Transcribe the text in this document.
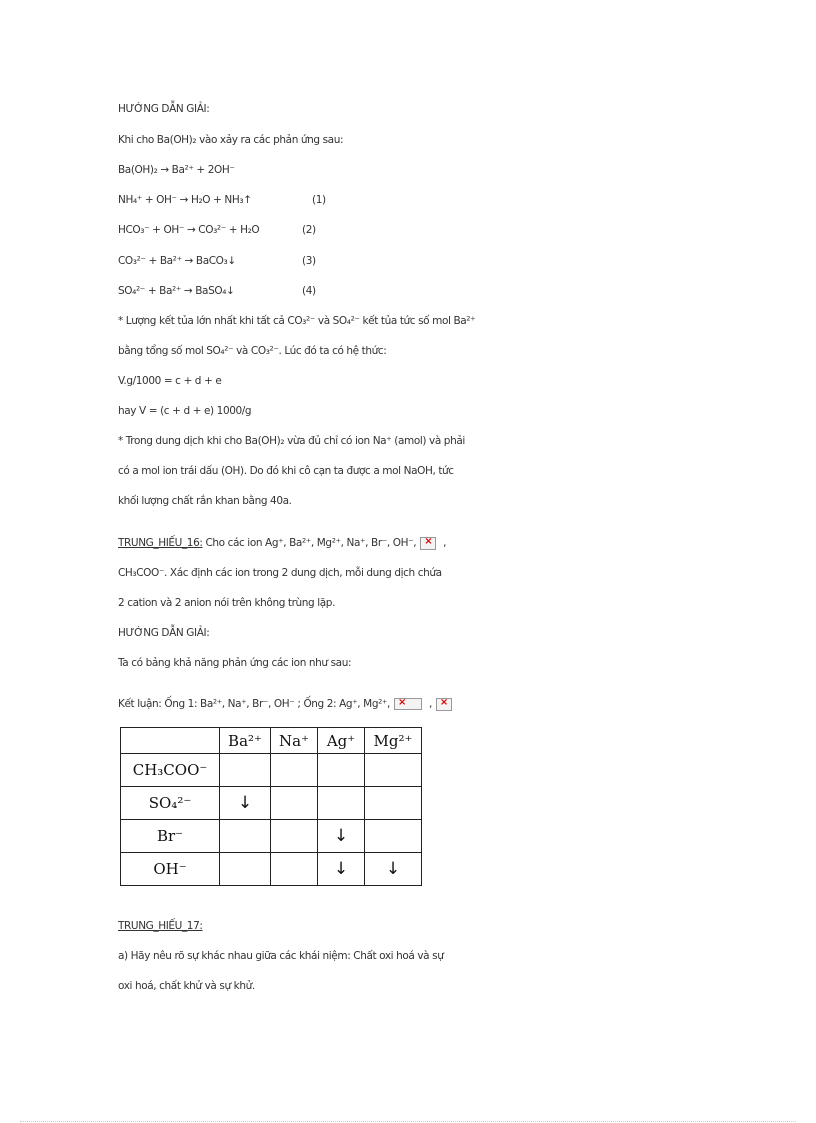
HƯỚNG DẪN GIẢI:
Khi cho Ba(OH)₂ vào xảy ra các phản ứng sau:
Ba(OH)₂ → Ba²⁺ + 2OH⁻
NH₄⁺ + OH⁻ → H₂O + NH₃↑	(1)
HCO₃⁻ + OH⁻ → CO₃²⁻ + H₂O	(2)
CO₃²⁻ + Ba²⁺ → BaCO₃↓	(3)
SO₄²⁻ + Ba²⁺ → BaSO₄↓	(4)
* Lượng kết tủa lớn nhất khi tất cả CO₃²⁻ và SO₄²⁻ kết tủa tức số mol Ba²⁺
bằng tổng số mol SO₄²⁻ và CO₃²⁻. Lúc đó ta có hệ thức:
V.g/1000 = c + d + e
hay V = (c + d + e) 1000/g
* Trong dung dịch khi cho Ba(OH)₂ vừa đủ chỉ có ion Na⁺ (amol) và phải
có a mol ion trái dấu (OH). Do đó khi cô cạn ta được a mol NaOH, tức
khối lượng chất rắn khan bằng 40a.
TRUNG_HIẾU_16: Cho các ion Ag⁺, Ba²⁺, Mg²⁺, Na⁺, Br⁻, OH⁻,× ,
CH₃COO⁻. Xác định các ion trong 2 dung dịch, mỗi dung dịch chứa
2 cation và 2 anion nói trên không trùng lặp.
HƯỚNG DẪN GIẢI:
Ta có bảng khả năng phản ứng các ion như sau:
Kết luận: Ống 1: Ba²⁺, Na⁺, Br⁻, OH⁻ ; Ống 2: Ag⁺, Mg²⁺, ×	,×
	Ba²⁺	Na⁺	Ag⁺	Mg²⁺
CH₃COO⁻				
SO₄²⁻	↓			
Br⁻			↓	
OH⁻			↓	↓
TRUNG_HIẾU_17:
a) Hãy nêu rõ sự khác nhau giữa các khái niệm: Chất oxi hoá và sự
oxi hoá, chất khử và sự khử.
